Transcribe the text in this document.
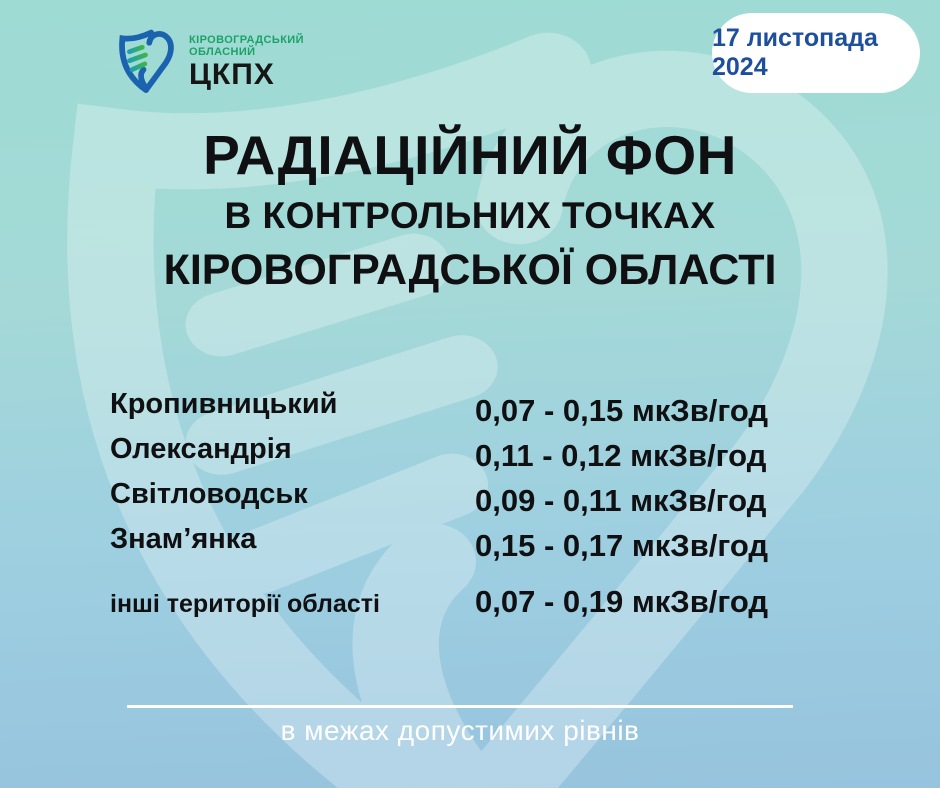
КІРОВОГРАДСЬКИЙ
ОБЛАСНИЙ
ЦКПХ
17 листопада 2024
РАДІАЦІЙНИЙ ФОН
В КОНТРОЛЬНИХ ТОЧКАХ
КІРОВОГРАДСЬКОЇ ОБЛАСТІ
Кропивницький	0,07 - 0,15 мкЗв/год
Олександрія	0,11 - 0,12 мкЗв/год
Світловодськ	0,09 - 0,11 мкЗв/год
Знам’янка	0,15 - 0,17 мкЗв/год
інші території області	0,07 - 0,19 мкЗв/год
в межах допустимих рівнів
